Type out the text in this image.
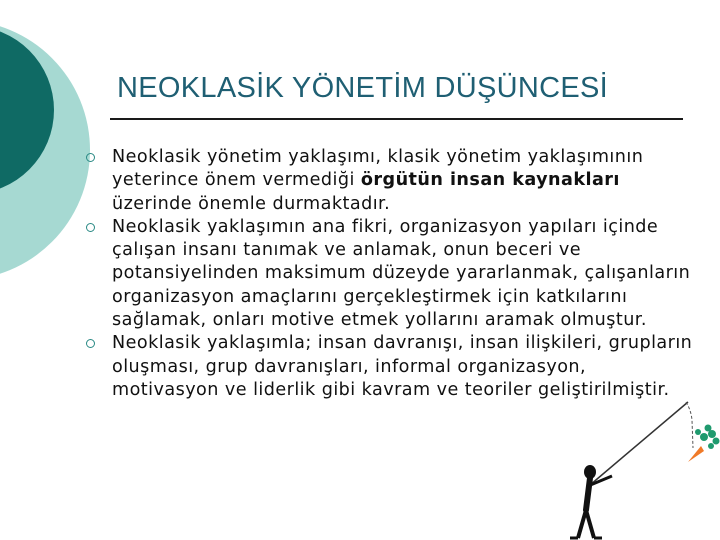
NEOKLASİK YÖNETİM DÜŞÜNCESİ
Neoklasik yönetim yaklaşımı, klasik yönetim yaklaşımının yeterince önem vermediği örgütün insan kaynakları üzerinde önemle durmaktadır.
Neoklasik yaklaşımın ana fikri, organizasyon yapıları içinde çalışan insanı tanımak ve anlamak, onun beceri ve potansiyelinden maksimum düzeyde yararlanmak, çalışanların organizasyon amaçlarını gerçekleştirmek için katkılarını sağlamak, onları motive etmek yollarını aramak olmuştur.
Neoklasik yaklaşımla; insan davranışı, insan ilişkileri, grupların oluşması, grup davranışları, informal organizasyon, motivasyon ve liderlik gibi kavram ve teoriler geliştirilmiştir.
